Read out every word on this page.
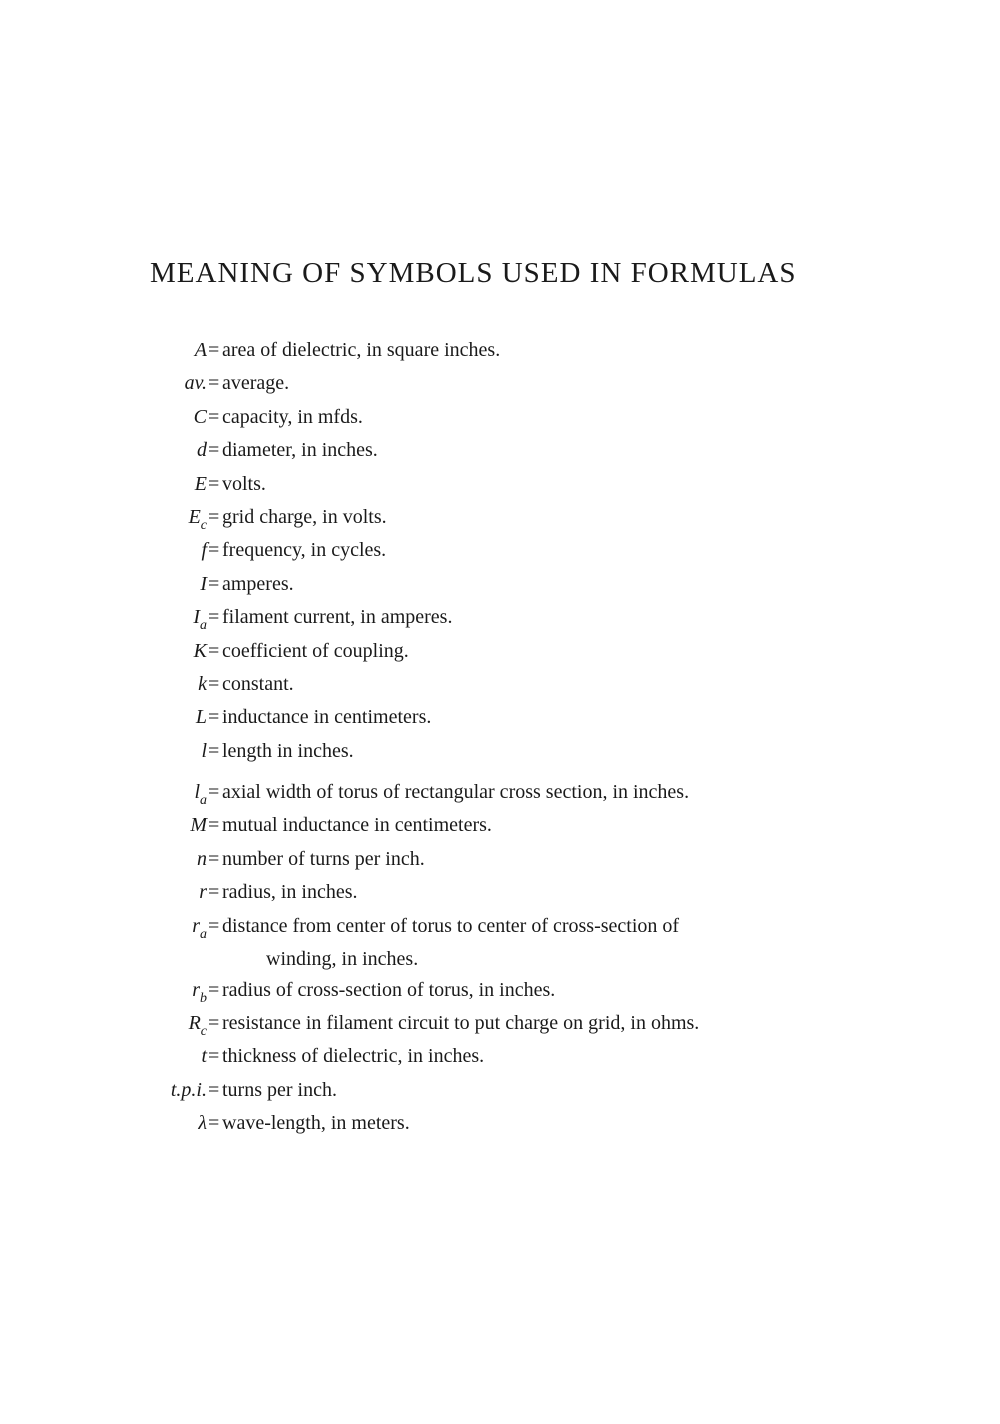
MEANING OF SYMBOLS USED IN FORMULAS
A = area of dielectric, in square inches.
av. = average.
C = capacity, in mfds.
d = diameter, in inches.
E = volts.
$E_c$ = grid charge, in volts.
f = frequency, in cycles.
I = amperes.
$I_a$ = filament current, in amperes.
K = coefficient of coupling.
k = constant.
L = inductance in centimeters.
l = length in inches.
$l_a$ = axial width of torus of rectangular cross section, in inches.
M = mutual inductance in centimeters.
n = number of turns per inch.
r = radius, in inches.
$r_a$ = distance from center of torus to center of cross-section of
winding, in inches.
$r_b$ = radius of cross-section of torus, in inches.
$R_c$ = resistance in filament circuit to put charge on grid, in ohms.
t = thickness of dielectric, in inches.
t.p.i. = turns per inch.
λ = wave-length, in meters.
